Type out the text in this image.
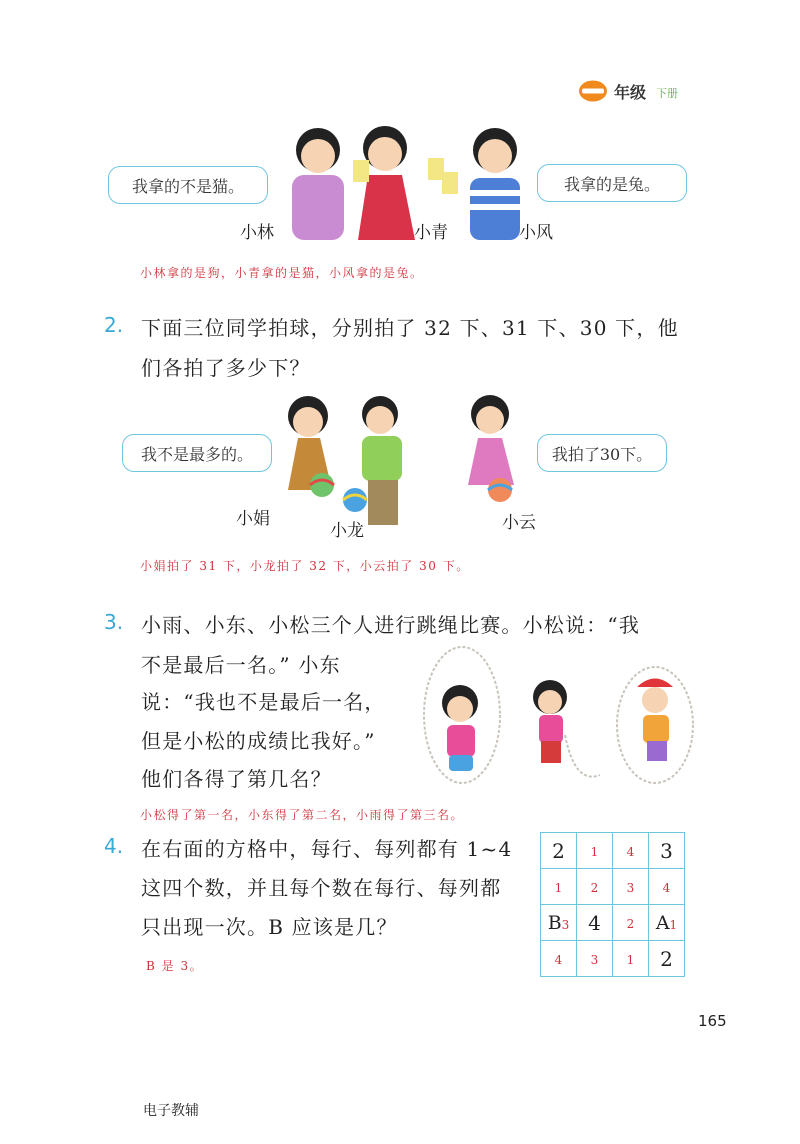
年级 下册
我拿的不是猫。	我拿的是兔。
小林	小青	小风
小林拿的是狗，小青拿的是猫，小风拿的是兔。
2. 下面三位同学拍球，分别拍了 32 下、31 下、30 下，他
们各拍了多少下？
我不是最多的。	我拍了30下。
小娟
小龙	小云
小娟拍了 31 下，小龙拍了 32 下，小云拍了 30 下。
3. 小雨、小东、小松三个人进行跳绳比赛。小松说：“我
不是最后一名。” 小东
说：“我也不是最后一名，
但是小松的成绩比我好。”
他们各得了第几名？
小松得了第一名，小东得了第二名，小雨得了第三名。
4. 在右面的方格中，每行、每列都有 1~4
这四个数，并且每个数在每行、每列都
只出现一次。B 应该是几？
B 是 3。
2	1	4	3
1	2	3	4
B3	4	2	A1
4	3	1	2
165
电子教辅
